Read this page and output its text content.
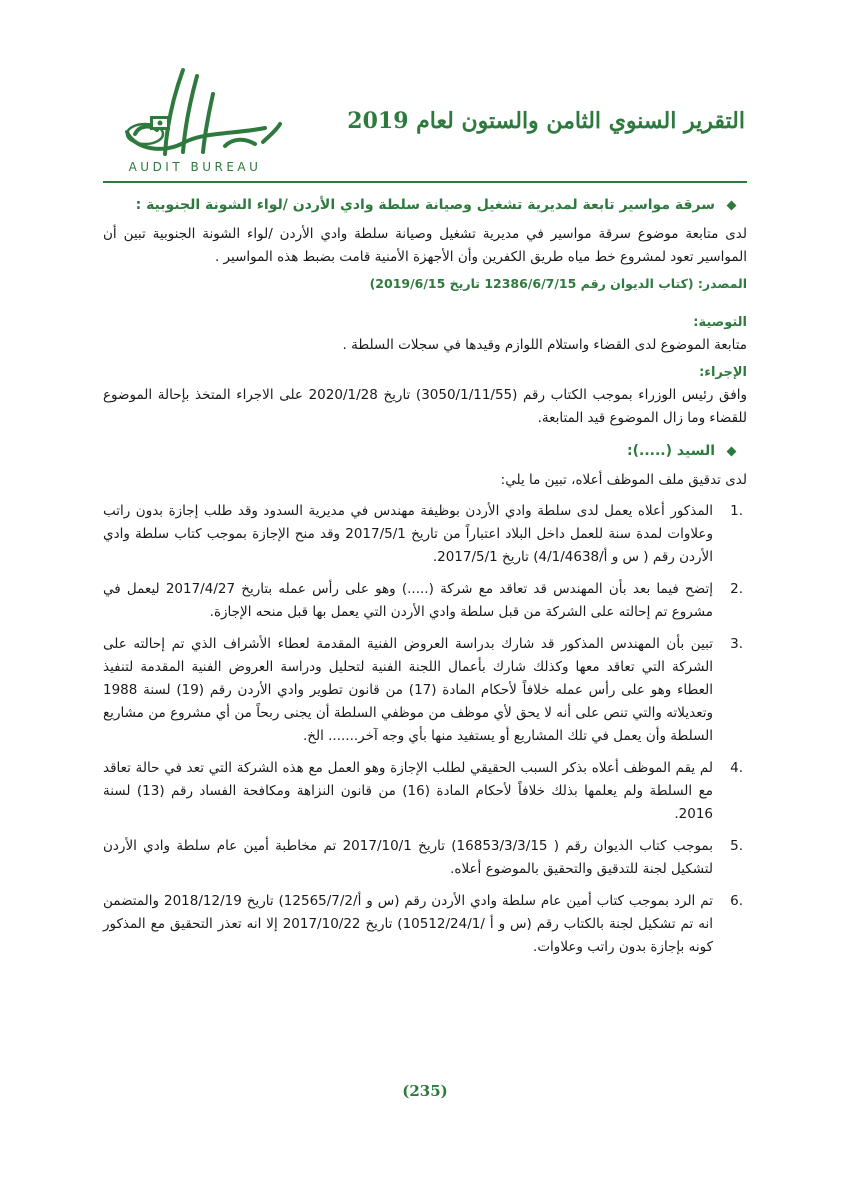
التقرير السنوي الثامن والستون لعام 2019
AUDIT BUREAU
سرقة مواسير تابعة لمديرية تشغيل وصيانة سلطة وادي الأردن /لواء الشونة الجنوبية :

لدى متابعة موضوع سرقة مواسير في مديرية تشغيل وصيانة سلطة وادي الأردن /لواء الشونة الجنوبية تبين أن المواسير تعود لمشروع خط مياه طريق الكفرين وأن الأجهزة الأمنية قامت بضبط هذه المواسير .

المصدر: (كتاب الديوان رقم 12386/6/7/15 تاريخ 2019/6/15)
التوصية:

متابعة الموضوع لدى القضاء واستلام اللوازم وقيدها في سجلات السلطة .

الإجراء:

وافق رئيس الوزراء بموجب الكتاب رقم (3050/1/11/55) تاريخ 2020/1/28 على الاجراء المتخذ بإحالة الموضوع للقضاء وما زال الموضوع قيد المتابعة.

السيد (.....):

لدى تدقيق ملف الموظف أعلاه، تبين ما يلي:

1.
المذكور أعلاه يعمل لدى سلطة وادي الأردن بوظيفة مهندس في مديرية السدود وقد طلب إجازة بدون راتب وعلاوات لمدة سنة للعمل داخل البلاد اعتباراً من تاريخ 2017/5/1 وقد منح الإجازة بموجب كتاب سلطة وادي الأردن رقم ( س و أ/4/1/4638) تاريخ 2017/5/1.
2.
إتضح فيما بعد بأن المهندس قد تعاقد مع شركة (.....) وهو على رأس عمله بتاريخ 2017/4/27 ليعمل في مشروع تم إحالته على الشركة من قبل سلطة وادي الأردن التي يعمل بها قبل منحه الإجازة.
3.
تبين بأن المهندس المذكور قد شارك بدراسة العروض الفنية المقدمة لعطاء الأشراف الذي تم إحالته على الشركة التي تعاقد معها وكذلك شارك بأعمال اللجنة الفنية لتحليل ودراسة العروض الفنية المقدمة لتنفيذ العطاء وهو على رأس عمله خلافاً لأحكام المادة (17) من قانون تطوير وادي الأردن رقم (19) لسنة 1988 وتعديلاته والتي تنص على أنه لا يحق لأي موظف من موظفي السلطة أن يجنى ربحاً من أي مشروع من مشاريع السلطة وأن يعمل في تلك المشاريع أو يستفيد منها بأي وجه آخر....... الخ.
4.
لم يقم الموظف أعلاه بذكر السبب الحقيقي لطلب الإجازة وهو العمل مع هذه الشركة التي تعد في حالة تعاقد مع السلطة ولم يعلمها بذلك خلافاً لأحكام المادة (16) من قانون النزاهة ومكافحة الفساد رقم (13) لسنة 2016.
5.
بموجب كتاب الديوان رقم ( 16853/3/3/15) تاريخ 2017/10/1 تم مخاطبة أمين عام سلطة وادي الأردن لتشكيل لجنة للتدقيق والتحقيق بالموضوع أعلاه.
6.
تم الرد بموجب كتاب أمين عام سلطة وادي الأردن رقم (س و أ/12565/7/2) تاريخ 2018/12/19 والمتضمن انه تم تشكيل لجنة بالكتاب رقم (س و أ /10512/24/1) تاريخ 2017/10/22 إلا انه تعذر التحقيق مع المذكور كونه بإجازة بدون راتب وعلاوات.
(235)
